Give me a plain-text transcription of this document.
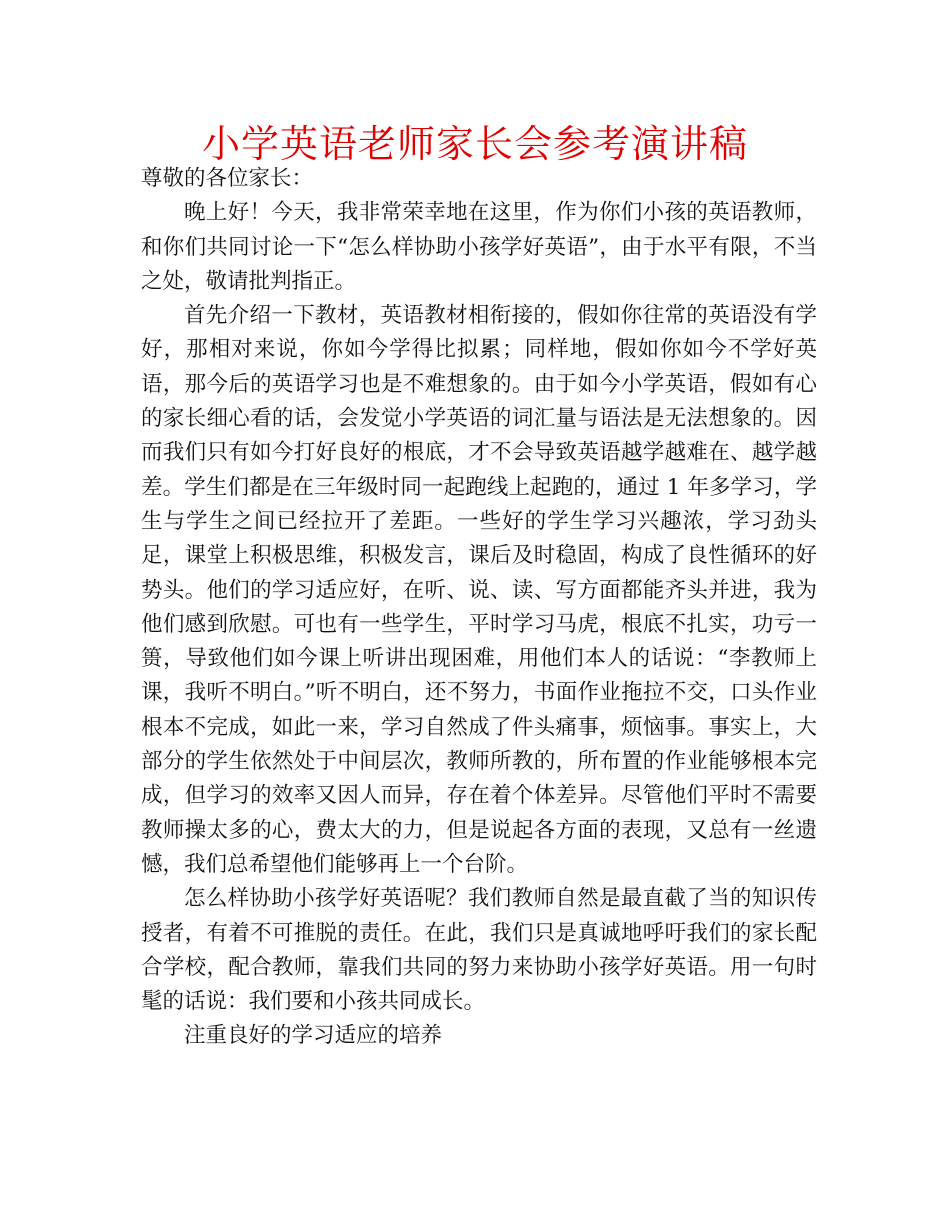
小学英语老师家长会参考演讲稿

尊敬的各位家长：

晚上好！今天，我非常荣幸地在这里，作为你们小孩的英语教师，和你们共同讨论一下“怎么样协助小孩学好英语”，由于水平有限，不当之处，敬请批判指正。

首先介绍一下教材，英语教材相衔接的，假如你往常的英语没有学好，那相对来说，你如今学得比拟累；同样地，假如你如今不学好英语，那今后的英语学习也是不难想象的。由于如今小学英语，假如有心的家长细心看的话，会发觉小学英语的词汇量与语法是无法想象的。因而我们只有如今打好良好的根底，才不会导致英语越学越难在、越学越差。学生们都是在三年级时同一起跑线上起跑的，通过 1 年多学习，学生与学生之间已经拉开了差距。一些好的学生学习兴趣浓，学习劲头足，课堂上积极思维，积极发言，课后及时稳固，构成了良性循环的好势头。他们的学习适应好，在听、说、读、写方面都能齐头并进，我为他们感到欣慰。可也有一些学生，平时学习马虎，根底不扎实，功亏一篑，导致他们如今课上听讲出现困难，用他们本人的话说：“李教师上课，我听不明白。”听不明白，还不努力，书面作业拖拉不交，口头作业根本不完成，如此一来，学习自然成了件头痛事，烦恼事。事实上，大部分的学生依然处于中间层次，教师所教的，所布置的作业能够根本完成，但学习的效率又因人而异，存在着个体差异。尽管他们平时不需要教师操太多的心，费太大的力，但是说起各方面的表现，又总有一丝遗憾，我们总希望他们能够再上一个台阶。

怎么样协助小孩学好英语呢？我们教师自然是最直截了当的知识传授者，有着不可推脱的责任。在此，我们只是真诚地呼吁我们的家长配合学校，配合教师，靠我们共同的努力来协助小孩学好英语。用一句时髦的话说：我们要和小孩共同成长。

注重良好的学习适应的培养
